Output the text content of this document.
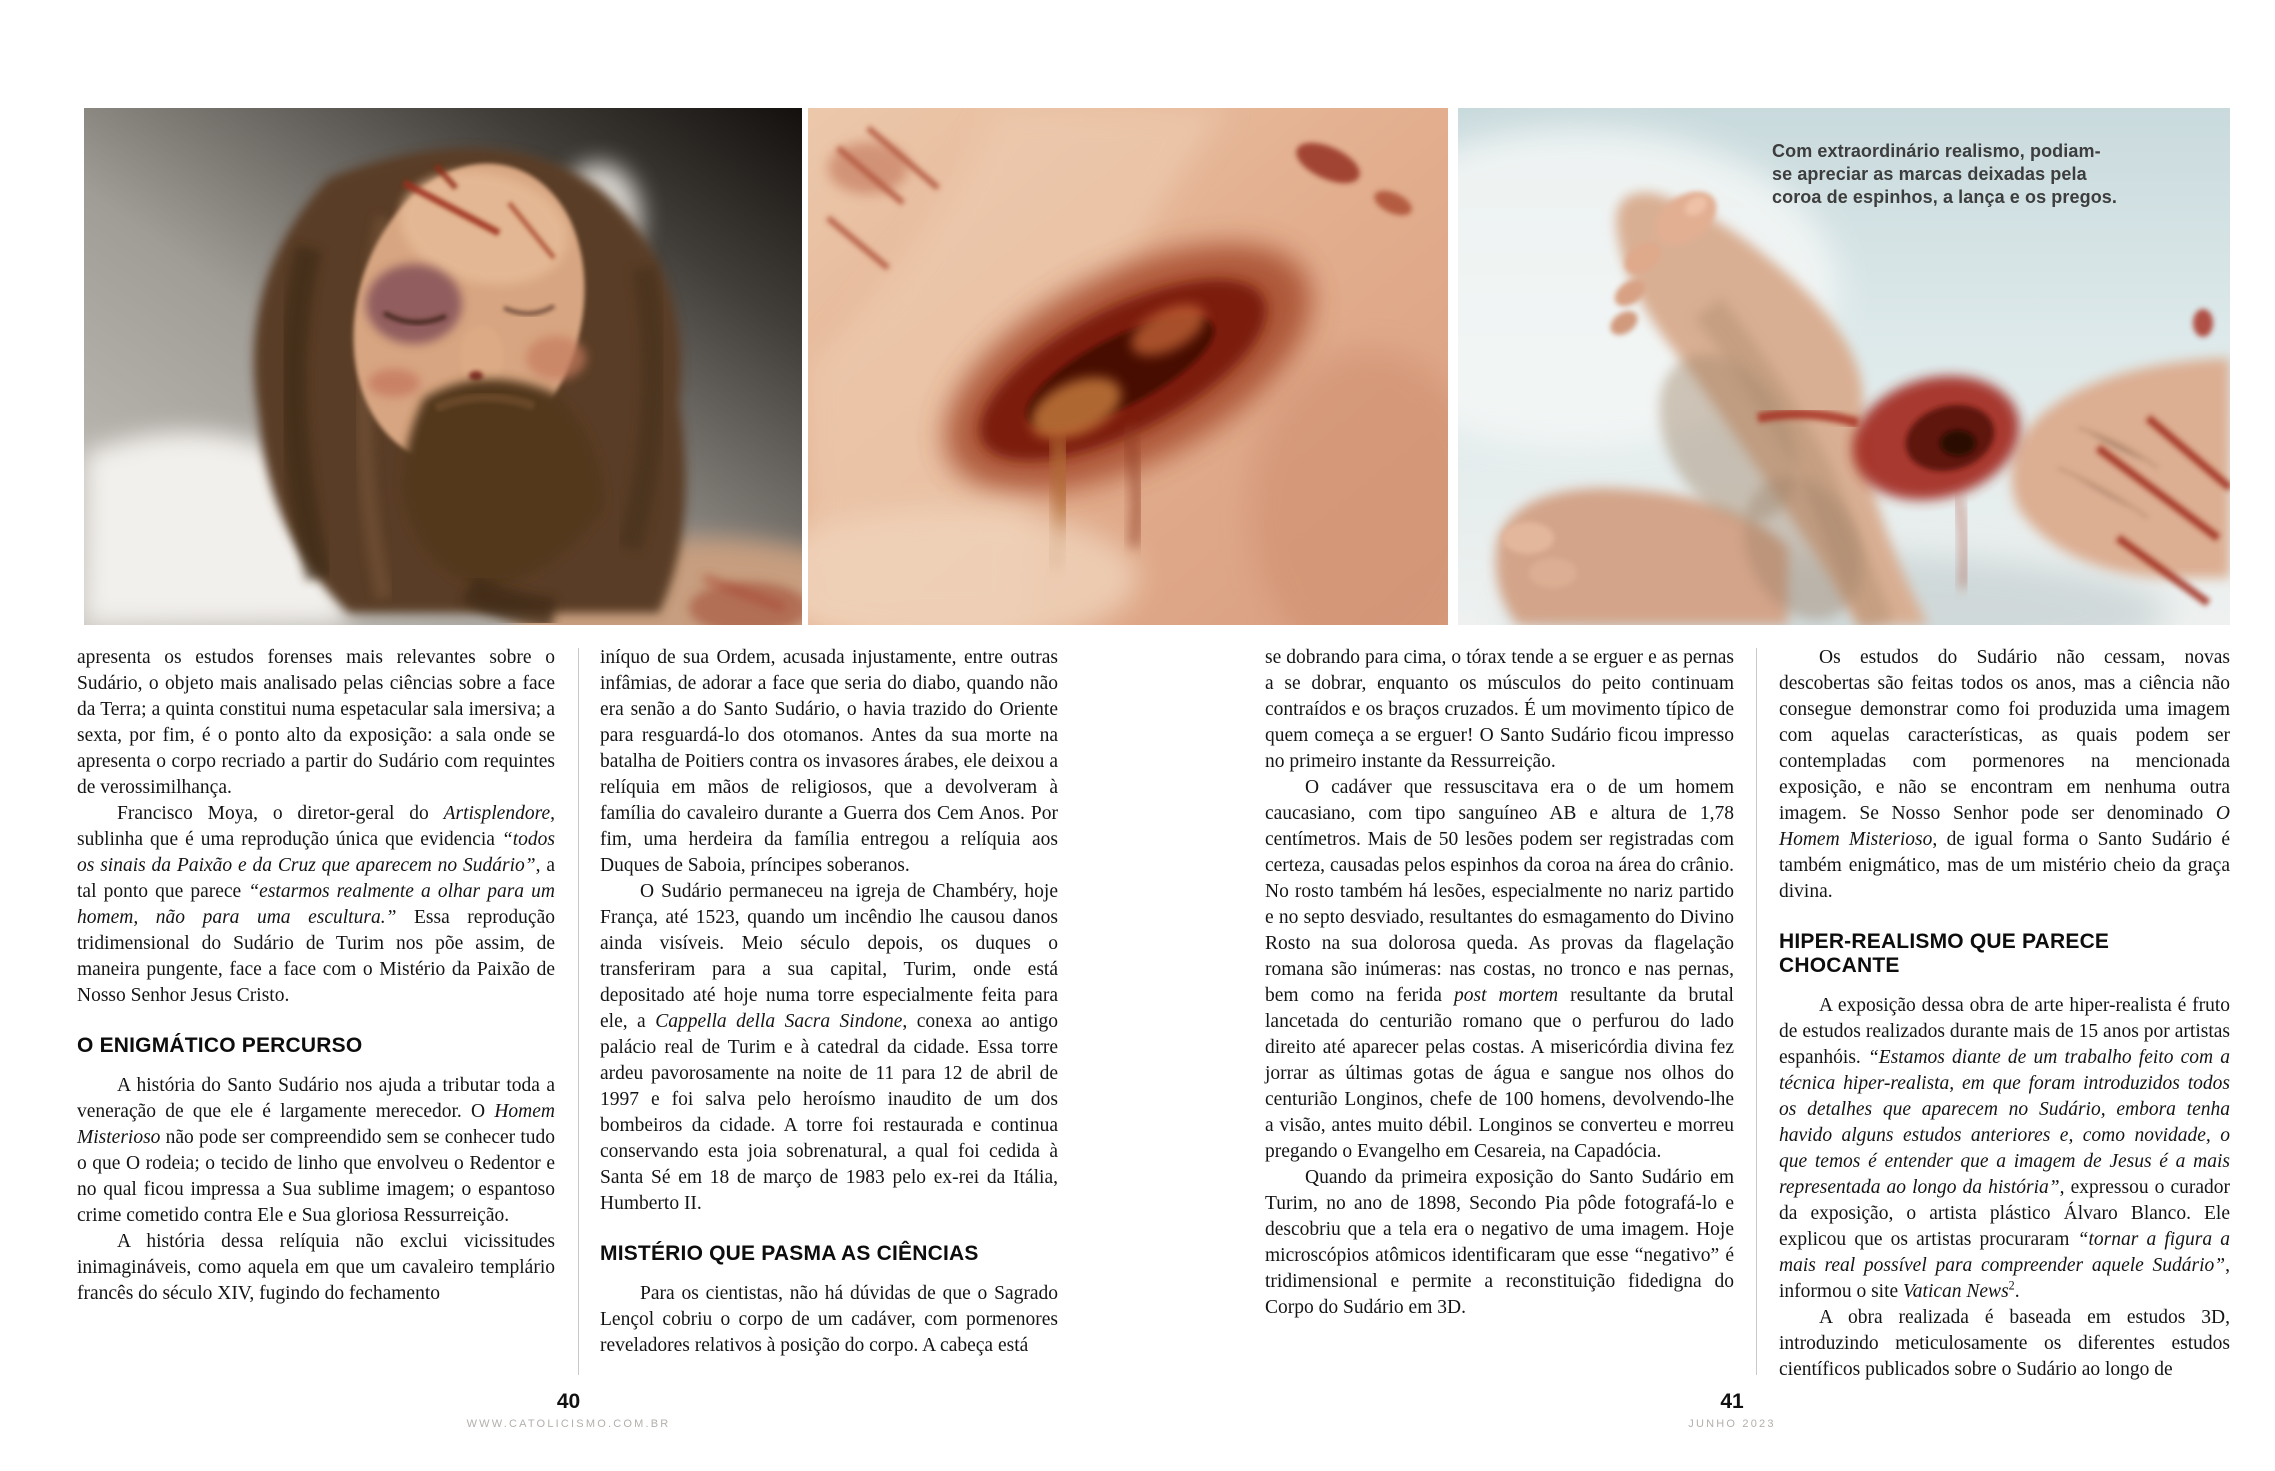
Com extraordinário realismo, podiam-se apreciar as marcas deixadas pela coroa de espinhos, a lança e os pregos.

apresenta os estudos forenses mais relevantes sobre o Sudário, o objeto mais analisado pelas ciências sobre a face da Terra; a quinta constitui numa espetacular sala imersiva; a sexta, por fim, é o ponto alto da exposição: a sala onde se apresenta o corpo recriado a partir do Sudário com requintes de verossimilhança.

Francisco Moya, o diretor-geral do Artisplendore, sublinha que é uma reprodução única que evidencia “todos os sinais da Paixão e da Cruz que aparecem no Sudário”, a tal ponto que parece “estarmos realmente a olhar para um homem, não para uma escultura.” Essa reprodução tridimensional do Sudário de Turim nos põe assim, de maneira pungente, face a face com o Mistério da Paixão de Nosso Senhor Jesus Cristo.

O ENIGMÁTICO PERCURSO

A história do Santo Sudário nos ajuda a tributar toda a veneração de que ele é largamente merecedor. O Homem Misterioso não pode ser compreendido sem se conhecer tudo o que O rodeia; o tecido de linho que envolveu o Redentor e no qual ficou impressa a Sua sublime imagem; o espantoso crime cometido contra Ele e Sua gloriosa Ressurreição.

A história dessa relíquia não exclui vicissitudes inimagináveis, como aquela em que um cavaleiro templário francês do século XIV, fugindo do fechamento

iníquo de sua Ordem, acusada injustamente, entre outras infâmias, de adorar a face que seria do diabo, quando não era senão a do Santo Sudário, o havia trazido do Oriente para resguardá-lo dos otomanos. Antes da sua morte na batalha de Poitiers contra os invasores árabes, ele deixou a relíquia em mãos de religiosos, que a devolveram à família do cavaleiro durante a Guerra dos Cem Anos. Por fim, uma herdeira da família entregou a relíquia aos Duques de Saboia, príncipes soberanos.

O Sudário permaneceu na igreja de Chambéry, hoje França, até 1523, quando um incêndio lhe causou danos ainda visíveis. Meio século depois, os duques o transferiram para a sua capital, Turim, onde está depositado até hoje numa torre especialmente feita para ele, a Cappella della Sacra Sindone, conexa ao antigo palácio real de Turim e à catedral da cidade. Essa torre ardeu pavorosamente na noite de 11 para 12 de abril de 1997 e foi salva pelo heroísmo inaudito de um dos bombeiros da cidade. A torre foi restaurada e continua conservando esta joia sobrenatural, a qual foi cedida à Santa Sé em 18 de março de 1983 pelo ex-rei da Itália, Humberto II.

MISTÉRIO QUE PASMA AS CIÊNCIAS

Para os cientistas, não há dúvidas de que o Sagrado Lençol cobriu o corpo de um cadáver, com pormenores reveladores relativos à posição do corpo. A cabeça está

se dobrando para cima, o tórax tende a se erguer e as pernas a se dobrar, enquanto os músculos do peito continuam contraídos e os braços cruzados. É um movimento típico de quem começa a se erguer! O Santo Sudário ficou impresso no primeiro instante da Ressurreição.

O cadáver que ressuscitava era o de um homem caucasiano, com tipo sanguíneo AB e altura de 1,78 centímetros. Mais de 50 lesões podem ser registradas com certeza, causadas pelos espinhos da coroa na área do crânio. No rosto também há lesões, especialmente no nariz partido e no septo desviado, resultantes do esmagamento do Divino Rosto na sua dolorosa queda. As provas da flagelação romana são inúmeras: nas costas, no tronco e nas pernas, bem como na ferida post mortem resultante da brutal lancetada do centurião romano que o perfurou do lado direito até aparecer pelas costas. A misericórdia divina fez jorrar as últimas gotas de água e sangue nos olhos do centurião Longinos, chefe de 100 homens, devolvendo-lhe a visão, antes muito débil. Longinos se converteu e morreu pregando o Evangelho em Cesareia, na Capadócia.

Quando da primeira exposição do Santo Sudário em Turim, no ano de 1898, Secondo Pia pôde fotografá-lo e descobriu que a tela era o negativo de uma imagem. Hoje microscópios atômicos identificaram que esse “negativo” é tridimensional e permite a reconstituição fidedigna do Corpo do Sudário em 3D.

Os estudos do Sudário não cessam, novas descobertas são feitas todos os anos, mas a ciência não consegue demonstrar como foi produzida uma imagem com aquelas características, as quais podem ser contempladas com pormenores na mencionada exposição, e não se encontram em nenhuma outra imagem. Se Nosso Senhor pode ser denominado O Homem Misterioso, de igual forma o Santo Sudário é também enigmático, mas de um mistério cheio da graça divina.

HIPER-REALISMO QUE PARECE CHOCANTE

A exposição dessa obra de arte hiper-realista é fruto de estudos realizados durante mais de 15 anos por artistas espanhóis. “Estamos diante de um trabalho feito com a técnica hiper-realista, em que foram introduzidos todos os detalhes que aparecem no Sudário, embora tenha havido alguns estudos anteriores e, como novidade, o que temos é entender que a imagem de Jesus é a mais representada ao longo da história”, expressou o curador da exposição, o artista plástico Álvaro Blanco. Ele explicou que os artistas procuraram “tornar a figura a mais real possível para compreender aquele Sudário”, informou o site Vatican News$^2$.

A obra realizada é baseada em estudos 3D, introduzindo meticulosamente os diferentes estudos científicos publicados sobre o Sudário ao longo de

40
WWW.CATOLICISMO.COM.BR
41
JUNHO 2023
